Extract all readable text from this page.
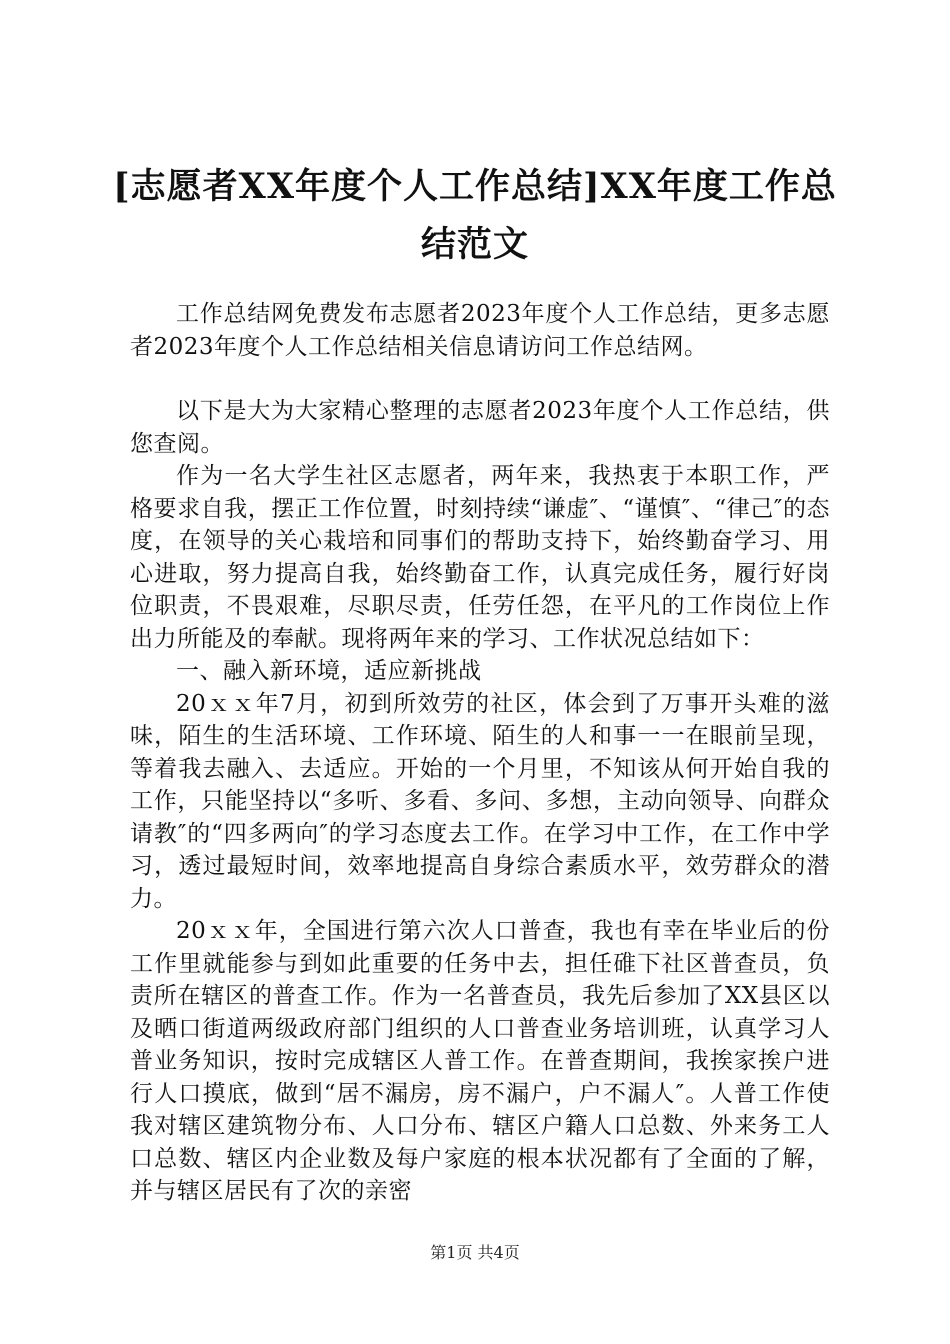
[志愿者XX年度个人工作总结]XX年度工作总结范文

工作总结网免费发布志愿者2023年度个人工作总结，更多志愿者2023年度个人工作总结相关信息请访问工作总结网。

以下是大为大家精心整理的志愿者2023年度个人工作总结，供您查阅。

作为一名大学生社区志愿者，两年来，我热衷于本职工作，严格要求自我，摆正工作位置，时刻持续“谦虚″、“谨慎″、“律己″的态度，在领导的关心栽培和同事们的帮助支持下，始终勤奋学习、用心进取，努力提高自我，始终勤奋工作，认真完成任务，履行好岗位职责，不畏艰难，尽职尽责，任劳任怨，在平凡的工作岗位上作出力所能及的奉献。现将两年来的学习、工作状况总结如下：

一、融入新环境，适应新挑战

20ｘｘ年7月，初到所效劳的社区，体会到了万事开头难的滋味，陌生的生活环境、工作环境、陌生的人和事一一在眼前呈现，等着我去融入、去适应。开始的一个月里，不知该从何开始自我的工作，只能坚持以“多听、多看、多问、多想，主动向领导、向群众请教″的“四多两向″的学习态度去工作。在学习中工作，在工作中学习，透过最短时间，效率地提高自身综合素质水平，效劳群众的潜力。

20ｘｘ年，全国进行第六次人口普查，我也有幸在毕业后的份工作里就能参与到如此重要的任务中去，担任碓下社区普查员，负责所在辖区的普查工作。作为一名普查员，我先后参加了XX县区以及晒口街道两级政府部门组织的人口普查业务培训班，认真学习人普业务知识，按时完成辖区人普工作。在普查期间，我挨家挨户进行人口摸底，做到“居不漏房，房不漏户，户不漏人″。人普工作使我对辖区建筑物分布、人口分布、辖区户籍人口总数、外来务工人口总数、辖区内企业数及每户家庭的根本状况都有了全面的了解，并与辖区居民有了次的亲密

第1页 共4页
